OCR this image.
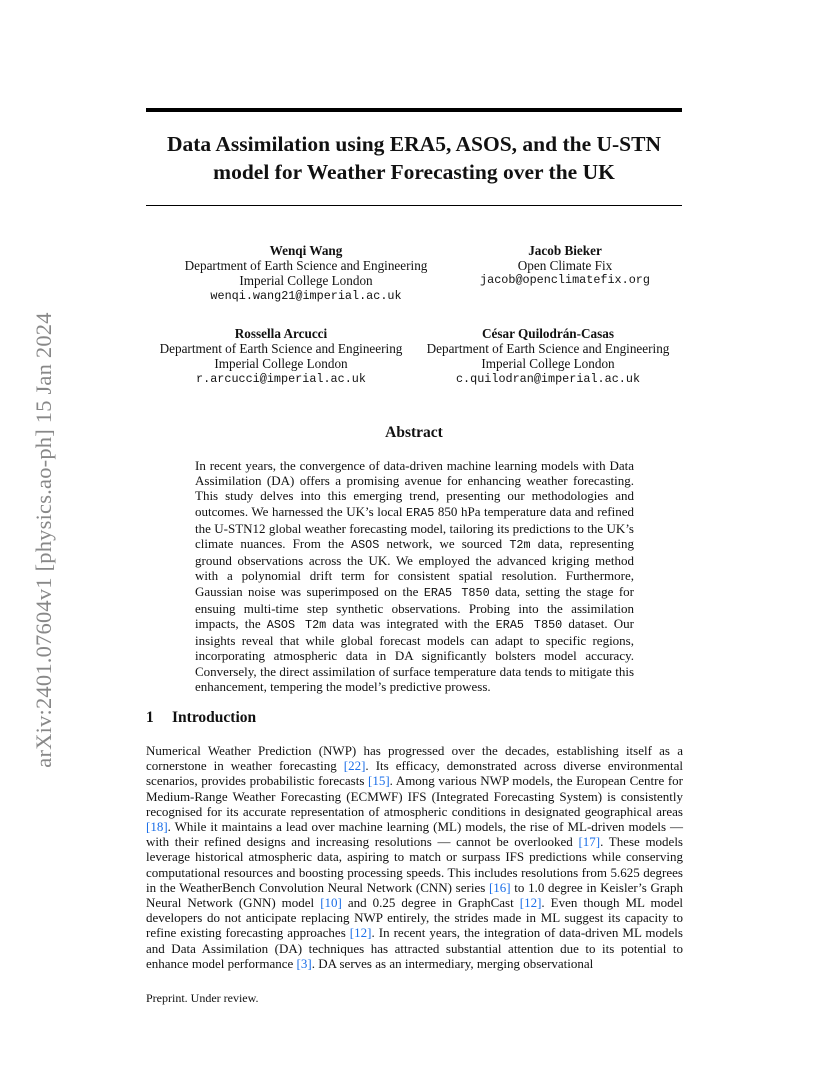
arXiv:2401.07604v1 [physics.ao-ph] 15 Jan 2024
Data Assimilation using ERA5, ASOS, and the U-STN model for Weather Forecasting over the UK
Wenqi Wang
Department of Earth Science and Engineering
Imperial College London
wenqi.wang21@imperial.ac.uk
Jacob Bieker
Open Climate Fix
jacob@openclimatefix.org
Rossella Arcucci
Department of Earth Science and Engineering
Imperial College London
r.arcucci@imperial.ac.uk
César Quilodrán-Casas
Department of Earth Science and Engineering
Imperial College London
c.quilodran@imperial.ac.uk
Abstract

In recent years, the convergence of data-driven machine learning models with Data Assimilation (DA) offers a promising avenue for enhancing weather forecasting. This study delves into this emerging trend, presenting our methodologies and outcomes. We harnessed the UK’s local ERA5 850 hPa temperature data and refined the U-STN12 global weather forecasting model, tailoring its predictions to the UK’s climate nuances. From the ASOS network, we sourced T2m data, representing ground observations across the UK. We employed the advanced kriging method with a polynomial drift term for consistent spatial resolution. Furthermore, Gaussian noise was superimposed on the ERA5 T850 data, setting the stage for ensuing multi-time step synthetic observations. Probing into the assimilation impacts, the ASOS T2m data was integrated with the ERA5 T850 dataset. Our insights reveal that while global forecast models can adapt to specific regions, incorporating atmospheric data in DA significantly bolsters model accuracy. Conversely, the direct assimilation of surface temperature data tends to mitigate this enhancement, tempering the model’s predictive prowess.

1 Introduction

Numerical Weather Prediction (NWP) has progressed over the decades, establishing itself as a cornerstone in weather forecasting [22]. Its efficacy, demonstrated across diverse environmental scenarios, provides probabilistic forecasts [15]. Among various NWP models, the European Centre for Medium-Range Weather Forecasting (ECMWF) IFS (Integrated Forecasting System) is consistently recognised for its accurate representation of atmospheric conditions in designated geographical areas [18]. While it maintains a lead over machine learning (ML) models, the rise of ML-driven models — with their refined designs and increasing resolutions — cannot be overlooked [17]. These models leverage historical atmospheric data, aspiring to match or surpass IFS predictions while conserving computational resources and boosting processing speeds. This includes resolutions from 5.625 degrees in the WeatherBench Convolution Neural Network (CNN) series [16] to 1.0 degree in Keisler’s Graph Neural Network (GNN) model [10] and 0.25 degree in GraphCast [12]. Even though ML model developers do not anticipate replacing NWP entirely, the strides made in ML suggest its capacity to refine existing forecasting approaches [12]. In recent years, the integration of data-driven ML models and Data Assimilation (DA) techniques has attracted substantial attention due to its potential to enhance model performance [3]. DA serves as an intermediary, merging observational

Preprint. Under review.
